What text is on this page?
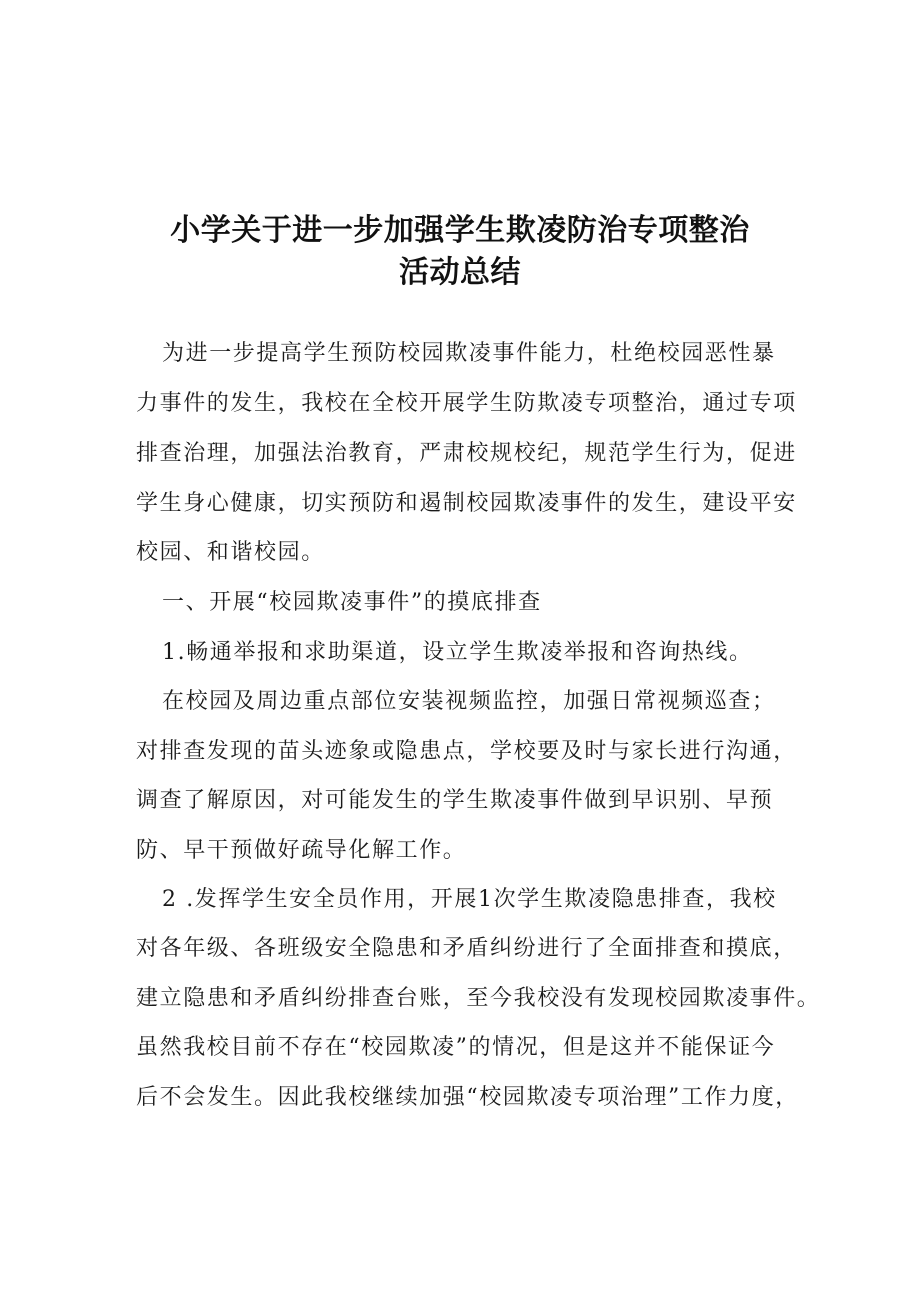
小学关于进一步加强学生欺凌防治专项整治
活动总结

为进一步提高学生预防校园欺凌事件能力，杜绝校园恶性暴

力事件的发生，我校在全校开展学生防欺凌专项整治，通过专项

排查治理，加强法治教育，严肃校规校纪，规范学生行为，促进

学生身心健康，切实预防和遏制校园欺凌事件的发生，建设平安

校园、和谐校园。

一、开展“校园欺凌事件”的摸底排查

1.畅通举报和求助渠道，设立学生欺凌举报和咨询热线。

在校园及周边重点部位安装视频监控，加强日常视频巡查；

对排查发现的苗头迹象或隐患点，学校要及时与家长进行沟通，

调查了解原因，对可能发生的学生欺凌事件做到早识别、早预

防、早干预做好疏导化解工作。

2 .发挥学生安全员作用，开展1次学生欺凌隐患排查，我校

对各年级、各班级安全隐患和矛盾纠纷进行了全面排查和摸底，

建立隐患和矛盾纠纷排查台账，至今我校没有发现校园欺凌事件。

虽然我校目前不存在“校园欺凌”的情况，但是这并不能保证今

后不会发生。因此我校继续加强“校园欺凌专项治理”工作力度，
